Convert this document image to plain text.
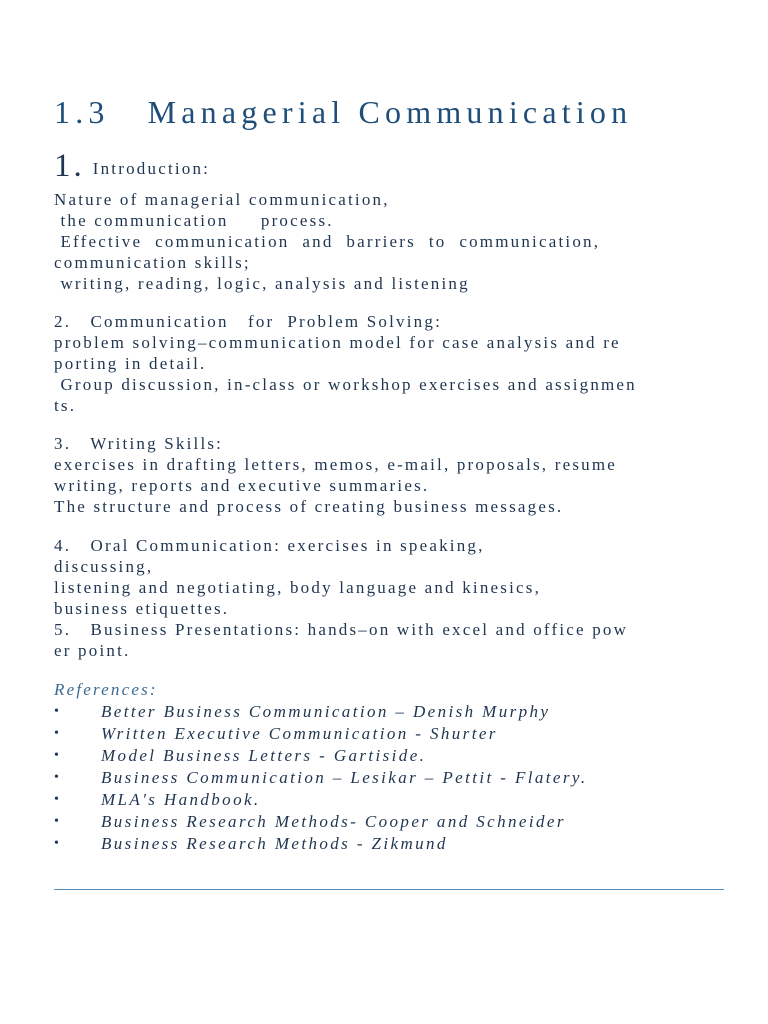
1.3 Managerial Communication
1. Introduction:
Nature of managerial communication,
the communication     process.
Effective  communication  and  barriers  to  communication,
communication skills;
writing, reading, logic, analysis and listening
2.   Communication   for  Problem Solving:
problem solving–communication model for case analysis and re
porting in detail.
Group discussion, in-class or workshop exercises and assignmen
ts.
3.   Writing Skills:
exercises in drafting letters, memos, e-mail, proposals, resume
writing, reports and executive summaries.
The structure and process of creating business messages.
4.   Oral Communication: exercises in speaking,
discussing,
listening and negotiating, body language and kinesics,
business etiquettes.
5.   Business Presentations: hands–on with excel and office pow
er point.
References:
• Better Business Communication – Denish Murphy
• Written Executive Communication - Shurter
• Model Business Letters - Gartiside.
• Business Communication – Lesikar – Pettit - Flatery.
• MLA's Handbook.
• Business Research Methods- Cooper and Schneider
• Business Research Methods - Zikmund
